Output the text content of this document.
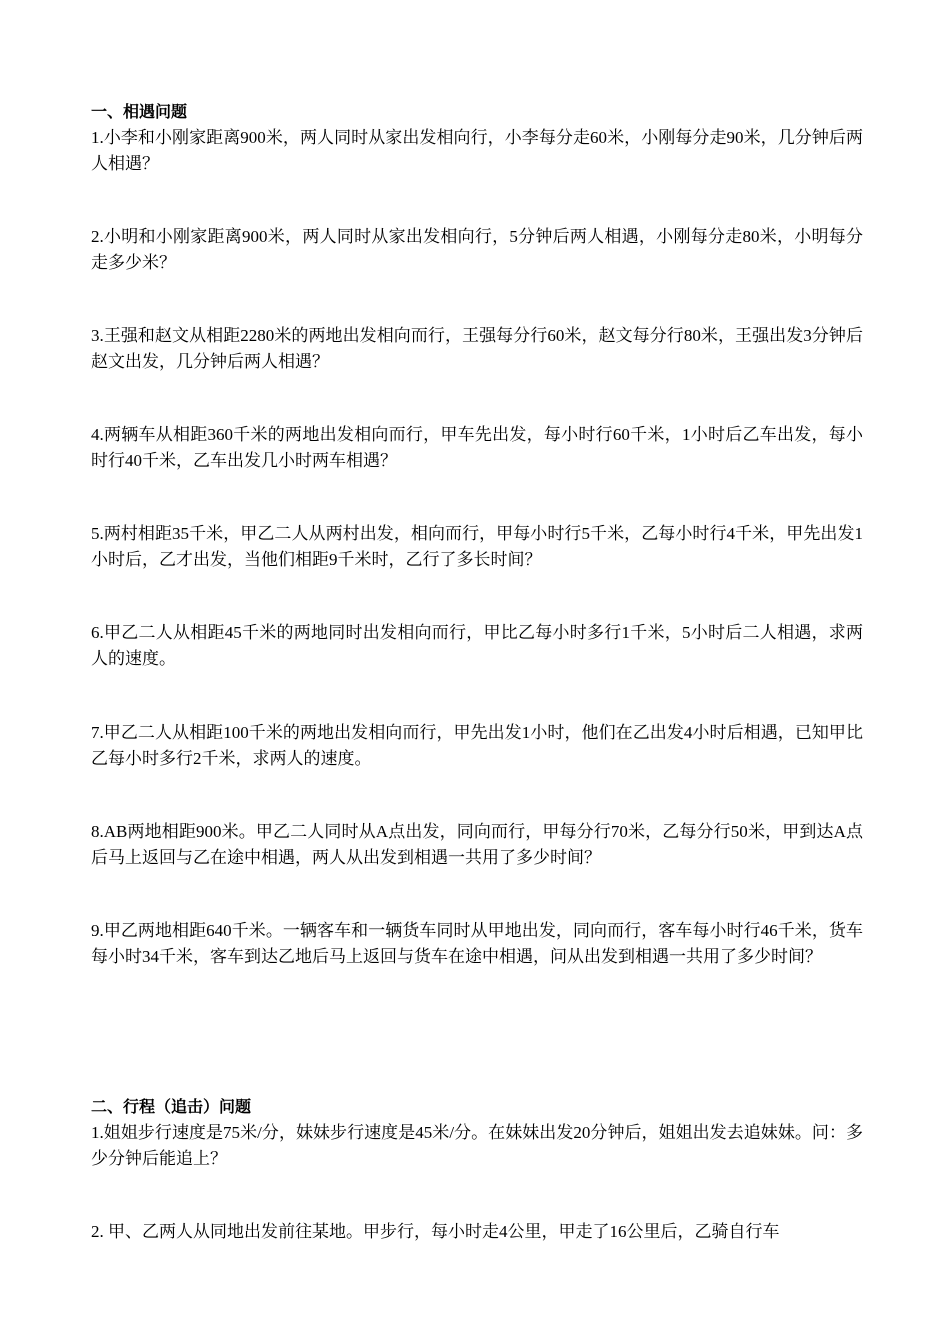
一、相遇问题

1.小李和小刚家距离900米，两人同时从家出发相向行，小李每分走60米，小刚每分走90米，几分钟后两人相遇？

2.小明和小刚家距离900米，两人同时从家出发相向行，5分钟后两人相遇，小刚每分走80米，小明每分走多少米？

3.王强和赵文从相距2280米的两地出发相向而行，王强每分行60米，赵文每分行80米，王强出发3分钟后赵文出发，几分钟后两人相遇？

4.两辆车从相距360千米的两地出发相向而行，甲车先出发，每小时行60千米，1小时后乙车出发，每小时行40千米，乙车出发几小时两车相遇？

5.两村相距35千米，甲乙二人从两村出发，相向而行，甲每小时行5千米，乙每小时行4千米，甲先出发1小时后，乙才出发，当他们相距9千米时，乙行了多长时间？

6.甲乙二人从相距45千米的两地同时出发相向而行，甲比乙每小时多行1千米，5小时后二人相遇，求两人的速度。

7.甲乙二人从相距100千米的两地出发相向而行，甲先出发1小时，他们在乙出发4小时后相遇，已知甲比乙每小时多行2千米，求两人的速度。

8.AB两地相距900米。甲乙二人同时从A点出发，同向而行，甲每分行70米，乙每分行50米，甲到达A点后马上返回与乙在途中相遇，两人从出发到相遇一共用了多少时间？

9.甲乙两地相距640千米。一辆客车和一辆货车同时从甲地出发，同向而行，客车每小时行46千米，货车每小时34千米，客车到达乙地后马上返回与货车在途中相遇，问从出发到相遇一共用了多少时间？

二、行程（追击）问题

1.姐姐步行速度是75米/分，妹妹步行速度是45米/分。在妹妹出发20分钟后，姐姐出发去追妹妹。问：多少分钟后能追上？

2. 甲、乙两人从同地出发前往某地。甲步行，每小时走4公里，甲走了16公里后，乙骑自行车
